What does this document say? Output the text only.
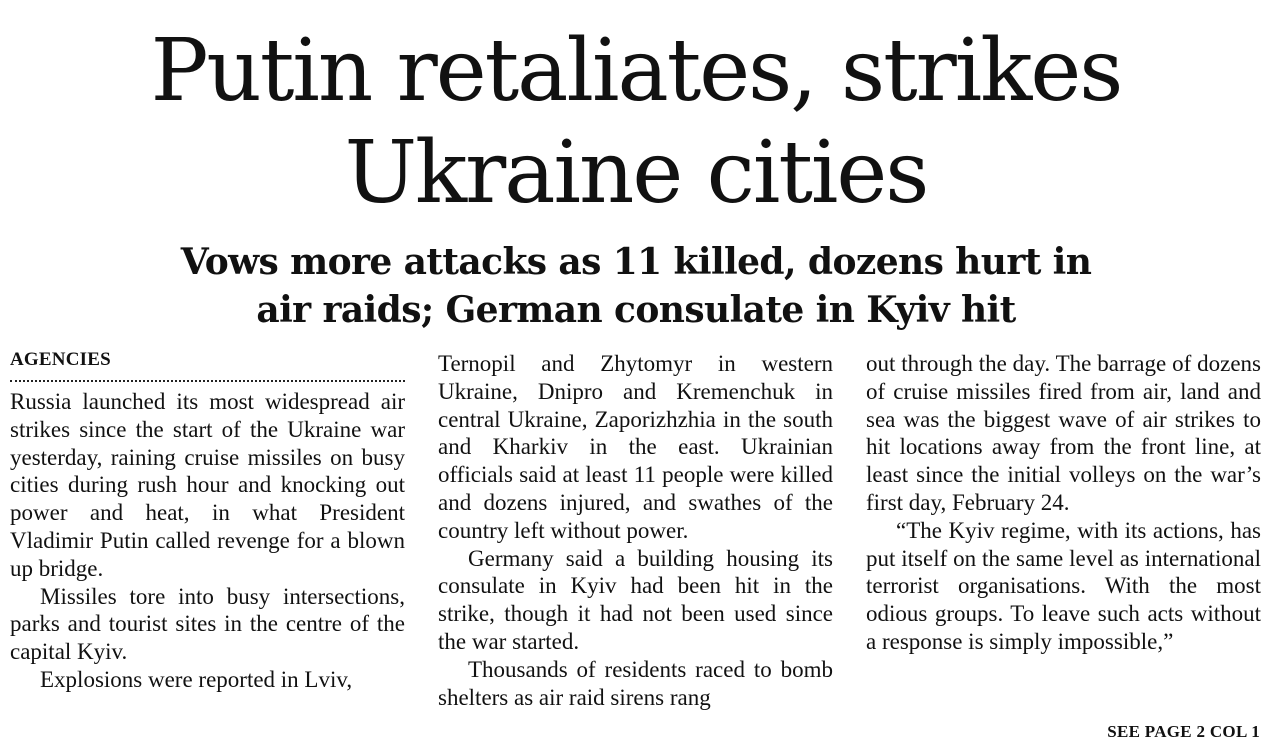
Putin retaliates, strikes
Ukraine cities
Vows more attacks as 11 killed, dozens hurt in
air raids; German consulate in Kyiv hit
AGENCIES

Russia launched its most widespread air strikes since the start of the Ukraine war yesterday, raining cruise missiles on busy cities during rush hour and knocking out power and heat, in what President Vladimir Putin called revenge for a blown up bridge.

Missiles tore into busy intersections, parks and tourist sites in the centre of the capital Kyiv.

Explosions were reported in Lviv,

Ternopil and Zhytomyr in western Ukraine, Dnipro and Kremenchuk in central Ukraine, Zaporizhzhia in the south and Kharkiv in the east. Ukrainian officials said at least 11 people were killed and dozens injured, and swathes of the country left without power.

Germany said a building housing its consulate in Kyiv had been hit in the strike, though it had not been used since the war started.

Thousands of residents raced to bomb shelters as air raid sirens rang

out through the day. The barrage of dozens of cruise missiles fired from air, land and sea was the biggest wave of air strikes to hit locations away from the front line, at least since the initial volleys on the war’s first day, February 24.

“The Kyiv regime, with its actions, has put itself on the same level as international terrorist organisations. With the most odious groups. To leave such acts without a response is simply impossible,”

SEE PAGE 2 COL 1
